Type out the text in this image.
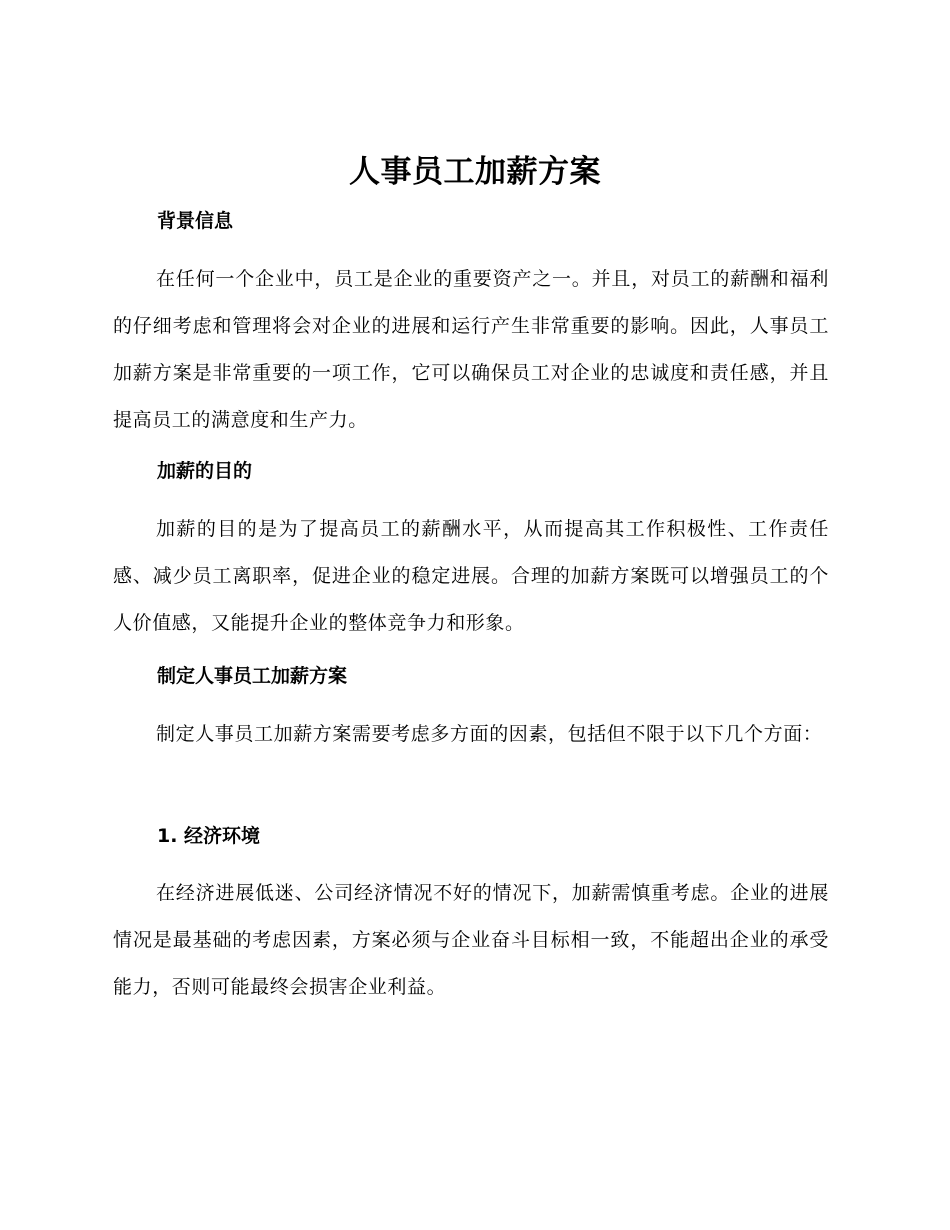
人事员工加薪方案
背景信息
在任何一个企业中，员工是企业的重要资产之一。并且，对员工的薪酬和福利的仔细考虑和管理将会对企业的进展和运行产生非常重要的影响。因此，人事员工加薪方案是非常重要的一项工作，它可以确保员工对企业的忠诚度和责任感，并且提高员工的满意度和生产力。
加薪的目的
加薪的目的是为了提高员工的薪酬水平，从而提高其工作积极性、工作责任感、减少员工离职率，促进企业的稳定进展。合理的加薪方案既可以增强员工的个人价值感，又能提升企业的整体竞争力和形象。
制定人事员工加薪方案
制定人事员工加薪方案需要考虑多方面的因素，包括但不限于以下几个方面：
1. 经济环境
在经济进展低迷、公司经济情况不好的情况下，加薪需慎重考虑。企业的进展情况是最基础的考虑因素，方案必须与企业奋斗目标相一致，不能超出企业的承受能力，否则可能最终会损害企业利益。
